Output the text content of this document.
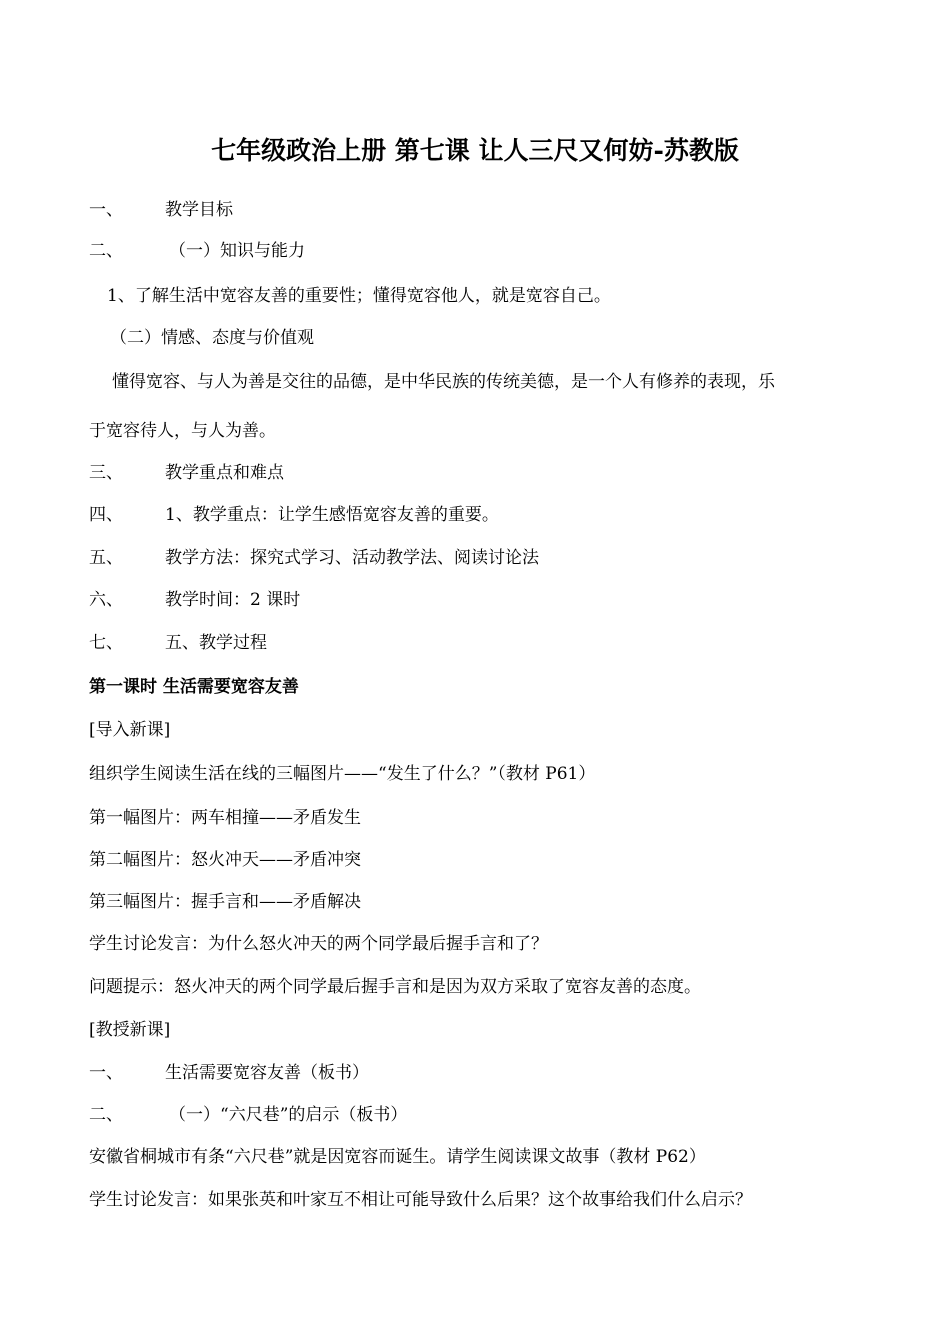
七年级政治上册 第七课 让人三尺又何妨-苏教版
一、 教学目标
二、	（一）知识与能力
1、了解生活中宽容友善的重要性；懂得宽容他人，就是宽容自己。
（二）情感、态度与价值观
懂得宽容、与人为善是交往的品德，是中华民族的传统美德，是一个人有修养的表现，乐
于宽容待人，与人为善。
三、 教学重点和难点
四、 1、教学重点：让学生感悟宽容友善的重要。
五、 教学方法：探究式学习、活动教学法、阅读讨论法
六、 教学时间：2 课时
七、 五、教学过程
第一课时 生活需要宽容友善
[导入新课]
组织学生阅读生活在线的三幅图片——“发生了什么？”（教材 P61）
第一幅图片：两车相撞——矛盾发生
第二幅图片：怒火冲天——矛盾冲突
第三幅图片：握手言和——矛盾解决
学生讨论发言：为什么怒火冲天的两个同学最后握手言和了？
问题提示：怒火冲天的两个同学最后握手言和是因为双方采取了宽容友善的态度。
[教授新课]
一、 生活需要宽容友善（板书）
二、	（一）“六尺巷”的启示（板书）
安徽省桐城市有条“六尺巷”就是因宽容而诞生。请学生阅读课文故事（教材 P62）
学生讨论发言：如果张英和叶家互不相让可能导致什么后果？这个故事给我们什么启示？
